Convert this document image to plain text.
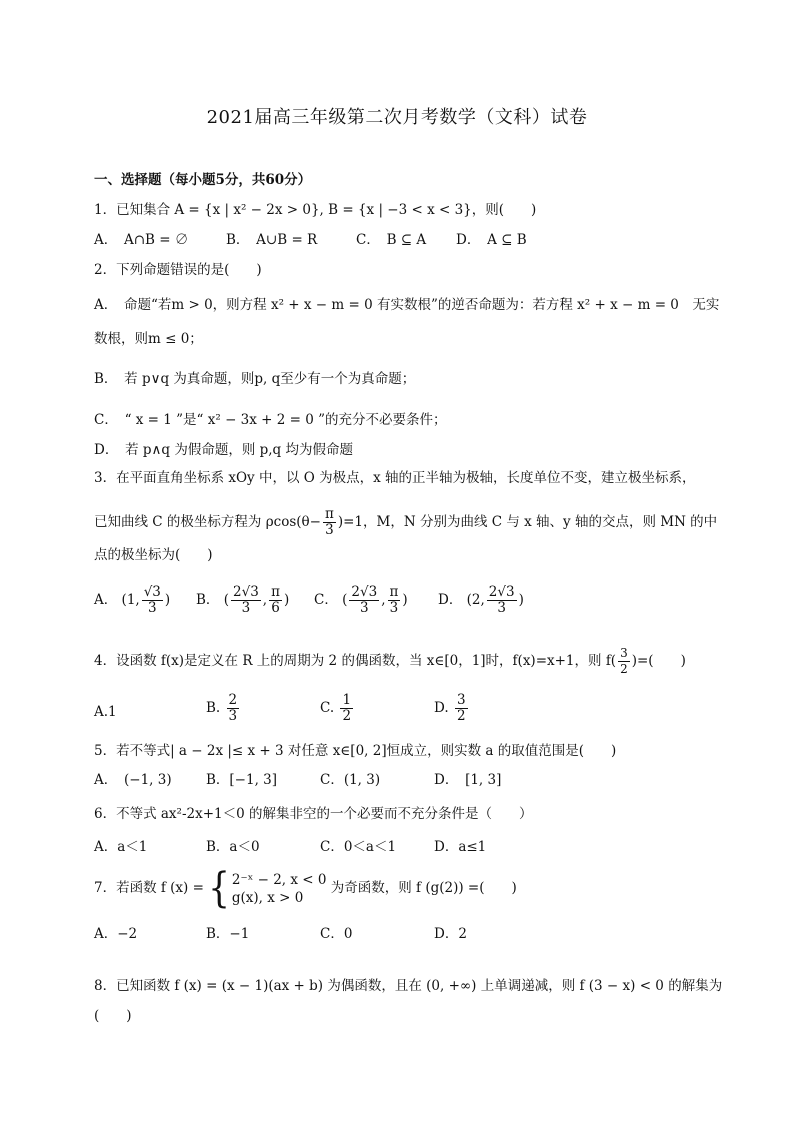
2021届高三年级第二次月考数学（文科）试卷
一、选择题（每小题5分，共60分）
1．已知集合 A = {x | x² − 2x > 0}, B = {x | −3 < x < 3}，则(　　)
A．　A∩B = ∅	B．　A∪B = R	C．　B ⊆ A D．　A ⊆ B
2．下列命题错误的是(　　)
A．　命题“若m > 0，则方程 x² + x − m = 0 有实数根”的逆否命题为：若方程 x² + x − m = 0　无实
数根，则m ≤ 0；
B．　若 p∨q 为真命题，则p, q至少有一个为真命题；
C．　“ x = 1 ”是“ x² − 3x + 2 = 0 ”的充分不必要条件；
D．　若 p∧q 为假命题，则 p,q 均为假命题
3．在平面直角坐标系 xOy 中，以 O 为极点，x 轴的正半轴为极轴，长度单位不变，建立极坐标系，
已知曲线 C 的极坐标方程为 $\rho\cos(\theta- \frac{\pi}{3} )=1$，M，N 分别为曲线 C 与 x 轴、y 轴的交点，则 MN 的中
点的极坐标为(　　)
A． (1, $\frac{√3}{3}$ ) B． ( $\frac{2√3}{3}$ , $\frac{\pi}{6}$ ) C． ( $\frac{2√3}{3}$ , $\frac{\pi}{3}$ ) D． (2, $\frac{2√3}{3}$ )
4．设函数 f(x)是定义在 R 上的周期为 2 的偶函数，当 x∈[0，1]时，f(x)=x+1，则 $f( \frac{3}{2}$ )=(　　)
A.1	B. $\frac{2}{3}$	C. $\frac{1}{2}$	D. $\frac{3}{2}$
5．若不等式| a − 2x |≤ x + 3 对任意 x∈[0, 2]恒成立，则实数 a 的取值范围是(　　)
A．　(−1, 3)	B．[−1, 3]	C．(1, 3)	D．　[1, 3]
6．不等式 ax²-2x+1＜0 的解集非空的一个必要而不充分条件是（　　）
A．a＜1	B．a＜0	C．0＜a＜1	D．a≤1
7．若函数 f (x) = { 2⁻ˣ − 2, x < 0
g(x), x > 0
为奇函数，则 f (g(2)) =(　　)
A．−2	B．−1	C．0	D．2
8．已知函数 f (x) = (x − 1)(ax + b) 为偶函数，且在 (0, +∞) 上单调递减，则 f (3 − x) < 0 的解集为
(　　)
